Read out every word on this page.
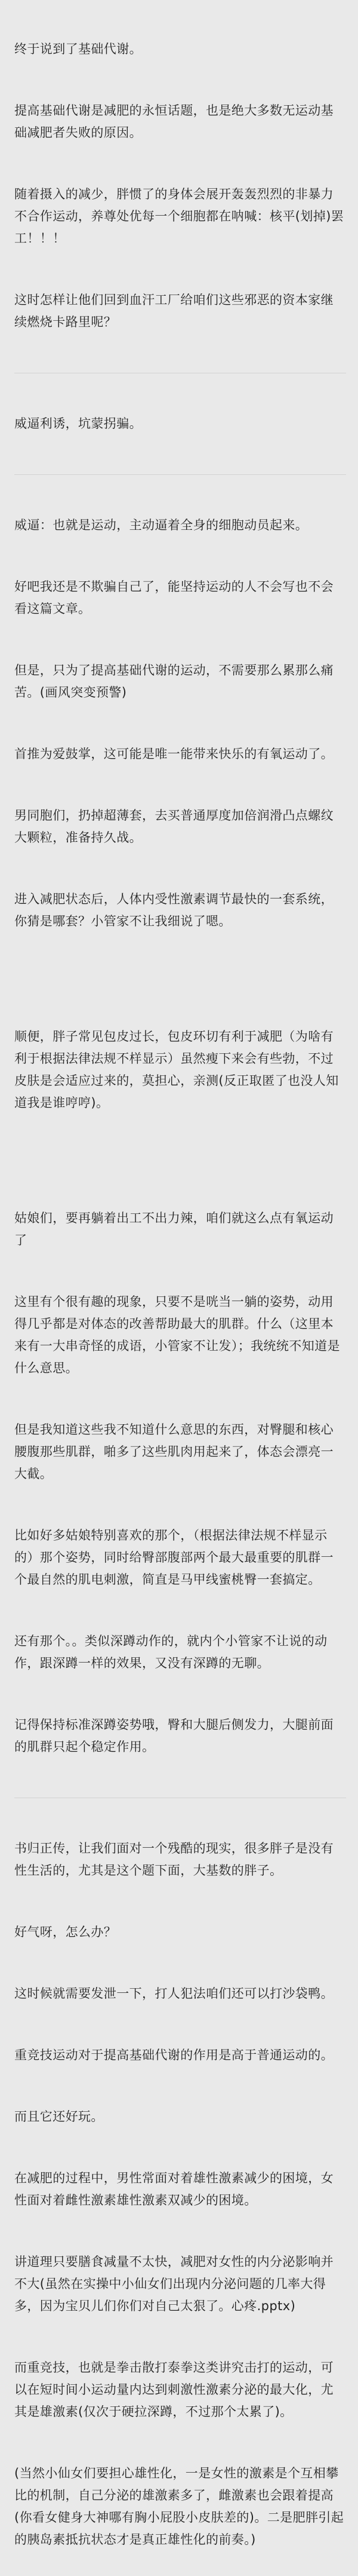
终于说到了基础代谢。

提高基础代谢是减肥的永恒话题，也是绝大多数无运动基础减肥者失败的原因。

随着摄入的减少，胖惯了的身体会展开轰轰烈烈的非暴力不合作运动，养尊处优每一个细胞都在呐喊：核平(划掉)罢工！！！

这时怎样让他们回到血汗工厂给咱们这些邪恶的资本家继续燃烧卡路里呢？

威逼利诱，坑蒙拐骗。

威逼：也就是运动，主动逼着全身的细胞动员起来。

好吧我还是不欺骗自己了，能坚持运动的人不会写也不会看这篇文章。

但是，只为了提高基础代谢的运动，不需要那么累那么痛苦。(画风突变预警)

首推为爱鼓掌，这可能是唯一能带来快乐的有氧运动了。

男同胞们，扔掉超薄套，去买普通厚度加倍润滑凸点螺纹大颗粒，准备持久战。

进入减肥状态后，人体内受性激素调节最快的一套系统，你猜是哪套？小管家不让我细说了嗯。

顺便，胖子常见包皮过长，包皮环切有利于减肥（为啥有利于根据法律法规不样显示）虽然瘦下来会有些勃，不过皮肤是会适应过来的，莫担心，亲测(反正取匿了也没人知道我是谁哼哼)。

姑娘们，要再躺着出工不出力辣，咱们就这么点有氧运动了

这里有个很有趣的现象，只要不是咣当一躺的姿势，动用得几乎都是对体态的改善帮助最大的肌群。什么（这里本来有一大串奇怪的成语，小管家不让发）；我统统不知道是什么意思。

但是我知道这些我不知道什么意思的东西，对臀腿和核心腰腹那些肌群，啪多了这些肌肉用起来了，体态会漂亮一大截。

比如好多姑娘特别喜欢的那个，（根据法律法规不样显示的）那个姿势，同时给臀部腹部两个最大最重要的肌群一个最自然的肌电刺激，简直是马甲线蜜桃臀一套搞定。

还有那个。。类似深蹲动作的，就内个小管家不让说的动作，跟深蹲一样的效果，又没有深蹲的无聊。

记得保持标准深蹲姿势哦，臀和大腿后侧发力，大腿前面的肌群只起个稳定作用。

书归正传，让我们面对一个残酷的现实，很多胖子是没有性生活的，尤其是这个题下面，大基数的胖子。

好气呀，怎么办？

这时候就需要发泄一下，打人犯法咱们还可以打沙袋鸭。

重竞技运动对于提高基础代谢的作用是高于普通运动的。

而且它还好玩。

在减肥的过程中，男性常面对着雄性激素减少的困境，女性面对着雌性激素雄性激素双减少的困境。

讲道理只要膳食减量不太快，减肥对女性的内分泌影响并不大(虽然在实操中小仙女们出现内分泌问题的几率大得多，因为宝贝儿们你们对自己太狠了。心疼.pptx)

而重竞技，也就是拳击散打泰拳这类讲究击打的运动，可以在短时间小运动量内达到刺激性激素分泌的最大化，尤其是雄激素(仅次于硬拉深蹲，不过那个太累了)。

(当然小仙女们要担心雄性化，一是女性的激素是个互相攀比的机制，自己分泌的雄激素多了，雌激素也会跟着提高(你看女健身大神哪有胸小屁股小皮肤差的)。二是肥胖引起的胰岛素抵抗状态才是真正雄性化的前奏。)
